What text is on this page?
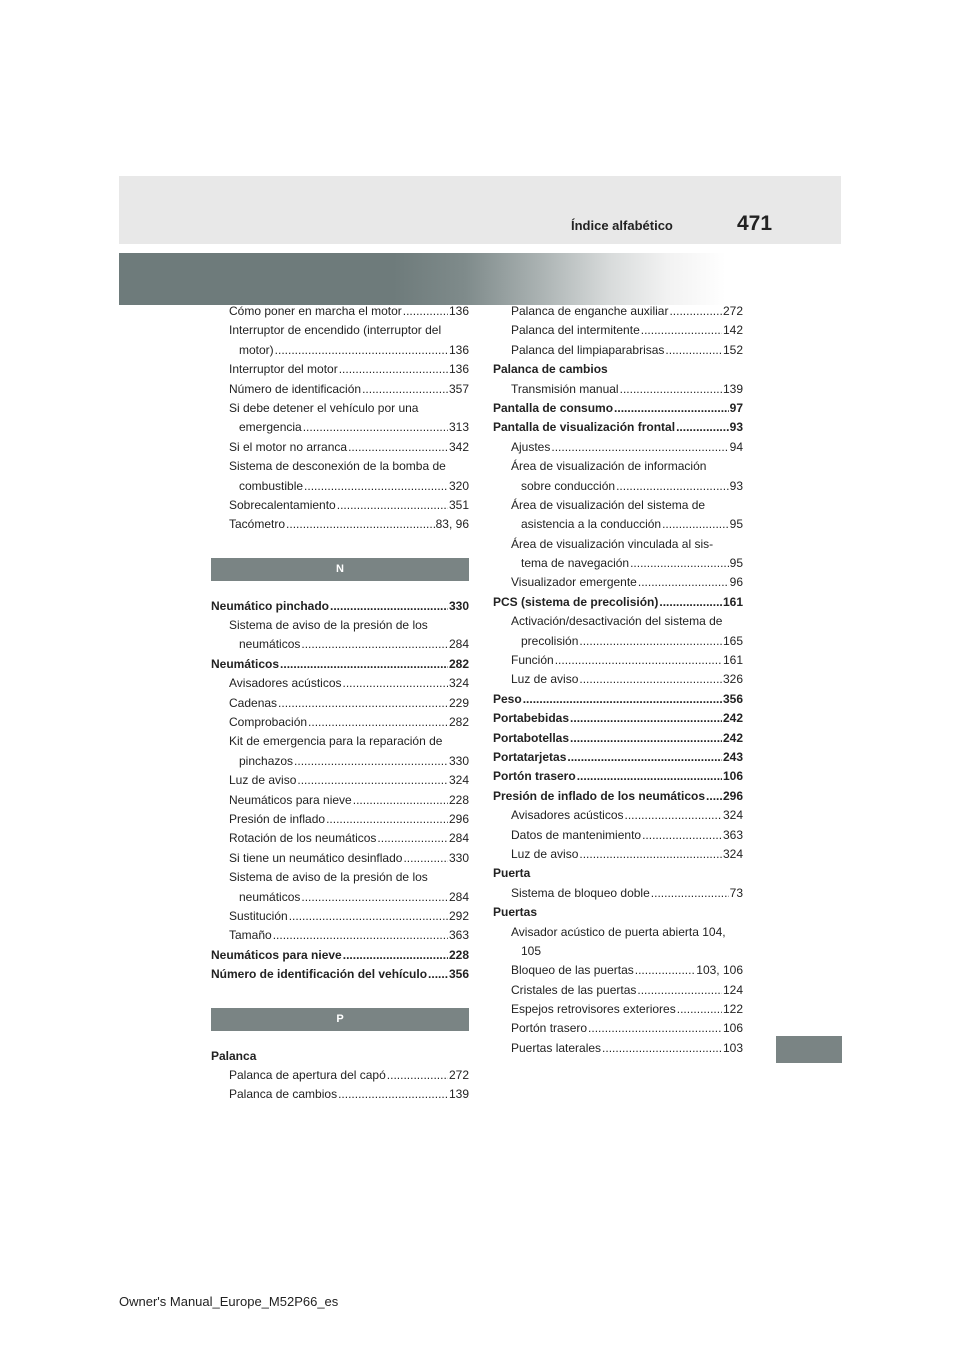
Índice alfabético	471
Cómo poner en marcha el motor .....	136
Interruptor de encendido (interruptor del
motor) .....	136
Interruptor del motor .....	136
Número de identificación .....	357
Si debe detener el vehículo por una
emergencia .....	313
Si el motor no arranca .....	342
Sistema de desconexión de la bomba de
combustible .....	320
Sobrecalentamiento .....	351
Tacómetro .....	83, 96
N
Neumático pinchado .....	330
Sistema de aviso de la presión de los
neumáticos .....	284
Neumáticos .....	282
Avisadores acústicos .....	324
Cadenas .....	229
Comprobación .....	282
Kit de emergencia para la reparación de
pinchazos .....	330
Luz de aviso .....	324
Neumáticos para nieve .....	228
Presión de inflado .....	296
Rotación de los neumáticos .....	284
Si tiene un neumático desinflado .....	330
Sistema de aviso de la presión de los
neumáticos .....	284
Sustitución .....	292
Tamaño .....	363
Neumáticos para nieve .....	228
Número de identificación del vehículo ..... 356
P
Palanca
Palanca de apertura del capó .....	272
Palanca de cambios .....	139
Palanca de enganche auxiliar .....	272
Palanca del intermitente .....	142
Palanca del limpiaparabrisas .....	152
Palanca de cambios
Transmisión manual .....	139
Pantalla de consumo .....	97
Pantalla de visualización frontal .....	93
Ajustes .....	94
Área de visualización de información
sobre conducción .....	93
Área de visualización del sistema de
asistencia a la conducción .....	95
Área de visualización vinculada al sis-
tema de navegación .....	95
Visualizador emergente .....	96
PCS (sistema de precolisión) .....	161
Activación/desactivación del sistema de
precolisión .....	165
Función .....	161
Luz de aviso .....	326
Peso .....	356
Portabebidas .....	242
Portabotellas .....	242
Portatarjetas .....	243
Portón trasero .....	106
Presión de inflado de los neumáticos ..... 296
Avisadores acústicos .....	324
Datos de mantenimiento .....	363
Luz de aviso .....	324
Puerta
Sistema de bloqueo doble .....	73
Puertas
Avisador acústico de puerta abierta 104,
105
Bloqueo de las puertas .....	103, 106
Cristales de las puertas .....	124
Espejos retrovisores exteriores .....	122
Portón trasero .....	106
Puertas laterales .....	103
Owner's Manual_Europe_M52P66_es
